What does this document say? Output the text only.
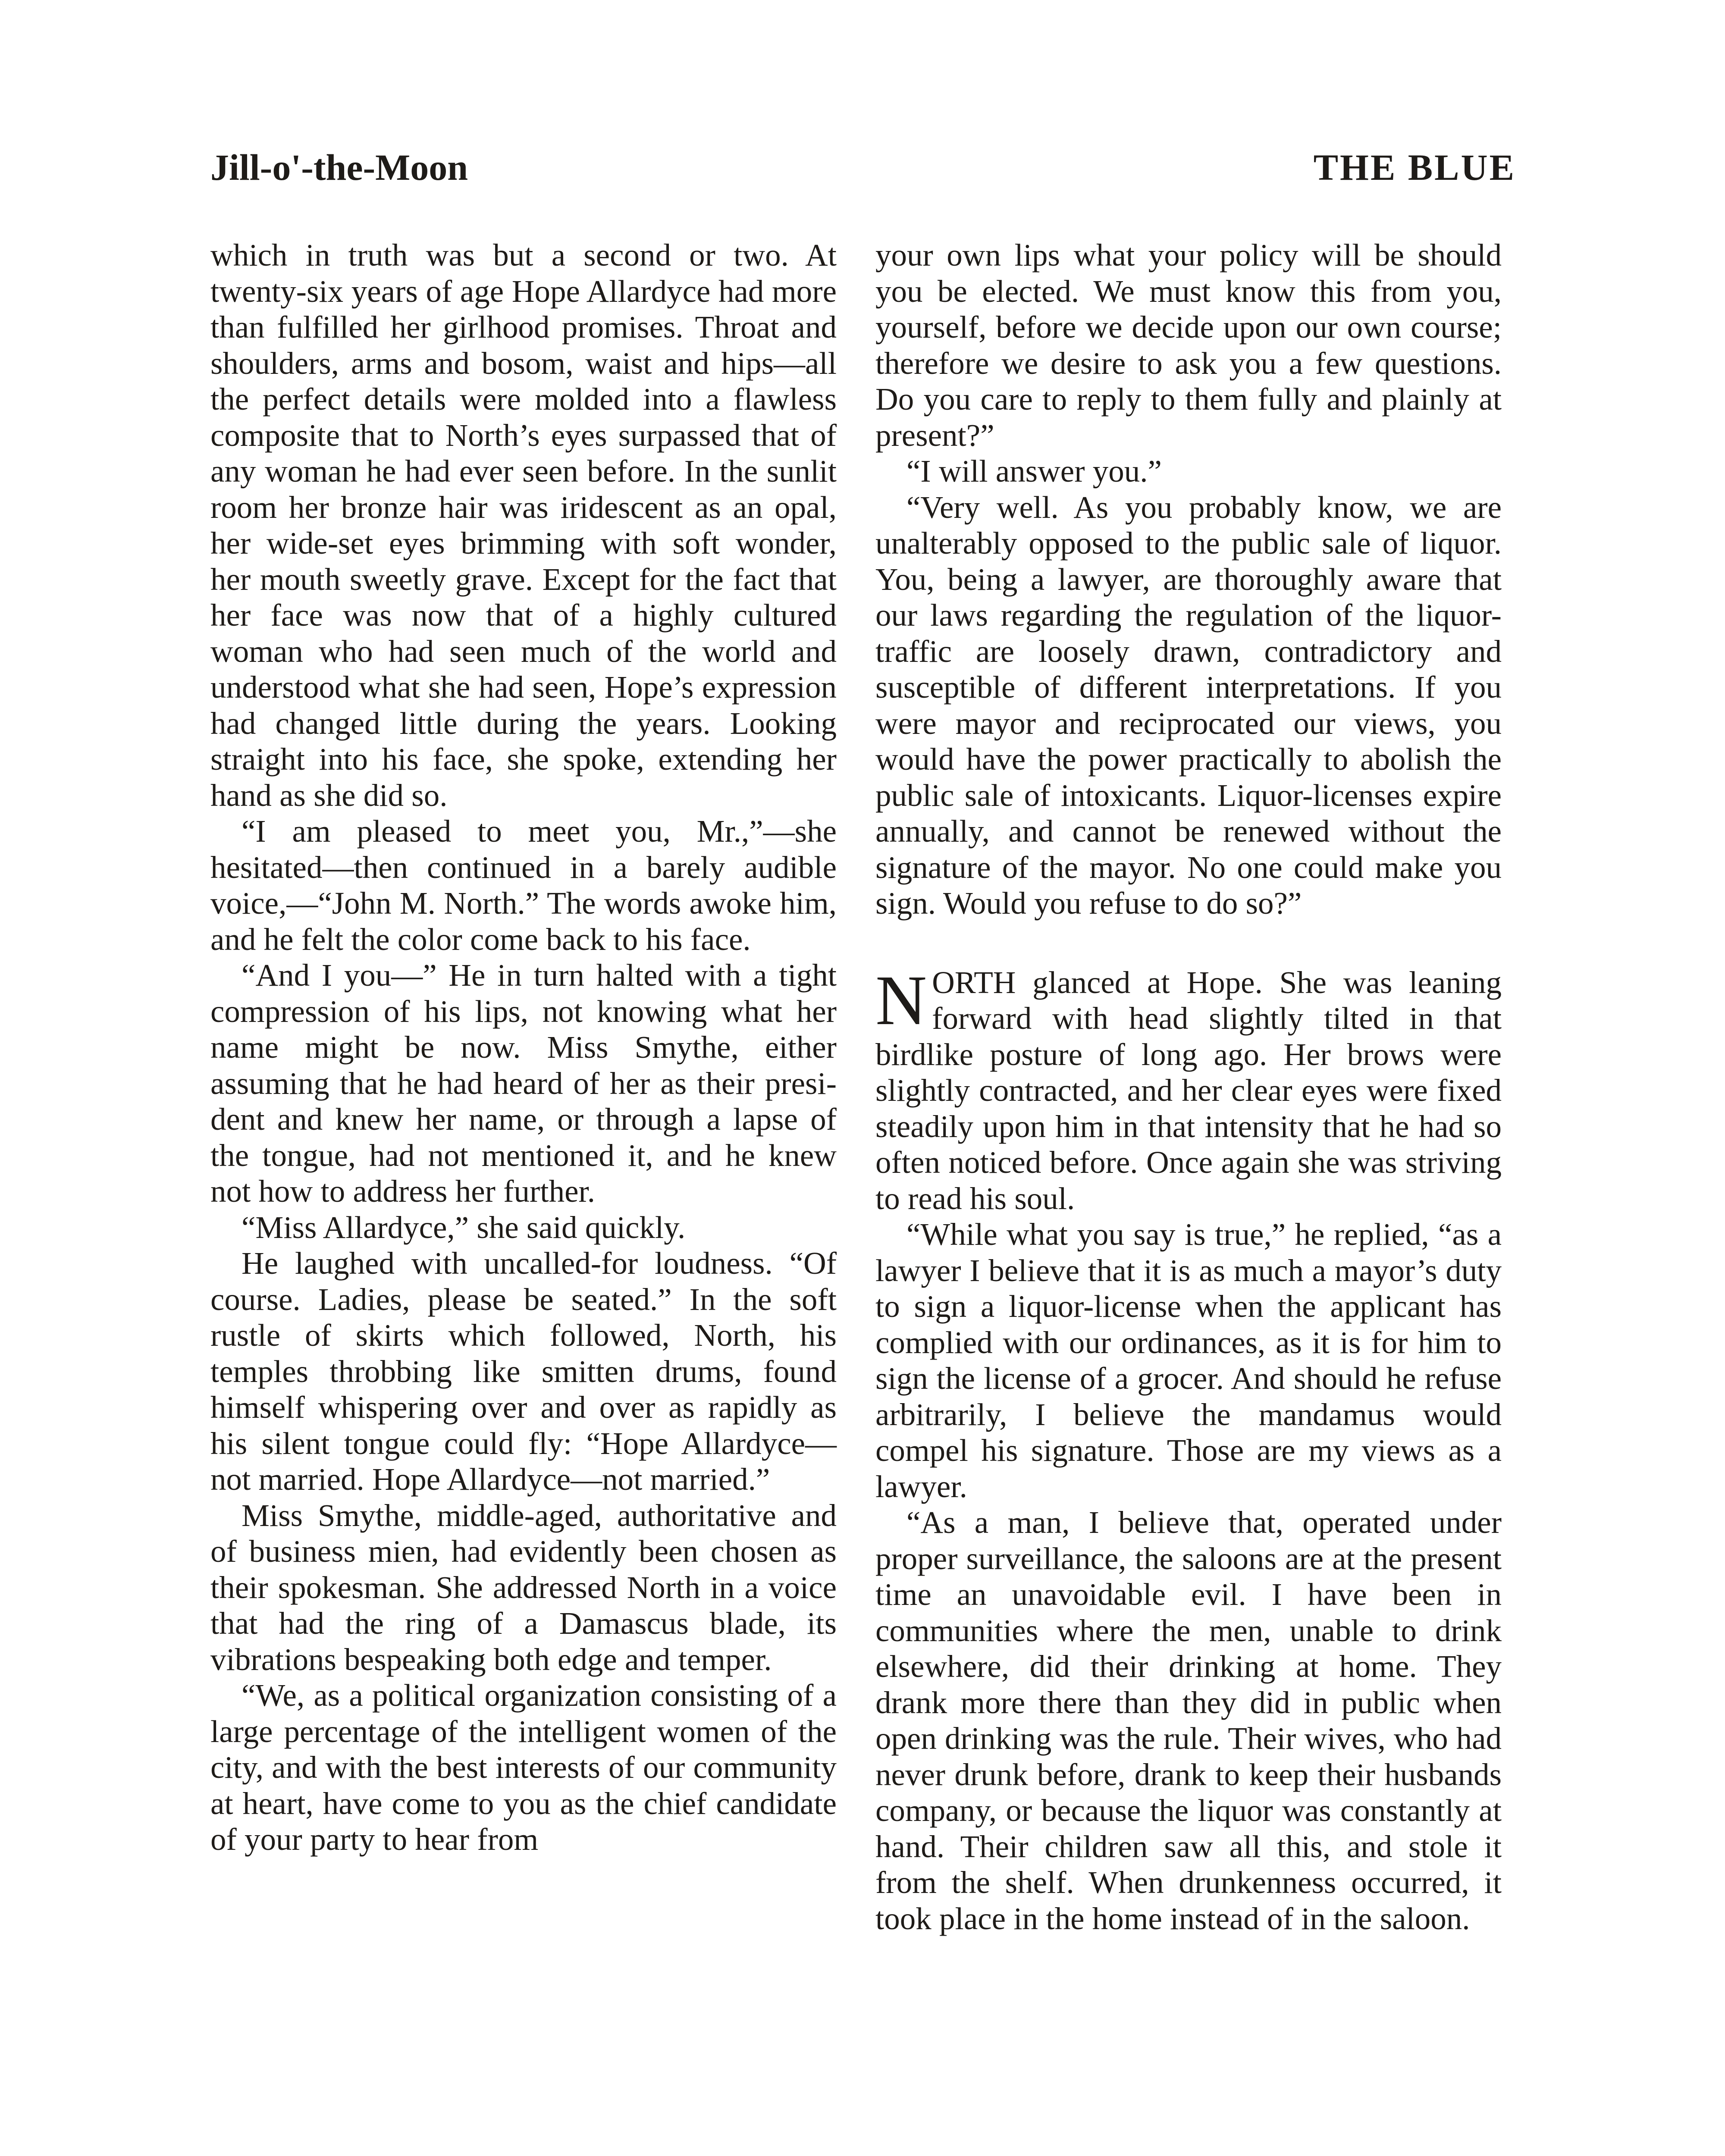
Jill-o'-the-Moon	THE BLUE

which in truth was but a second or two. At twenty-six years of age Hope Allardyce had more than fulfilled her girlhood promises. Throat and shoulders, arms and bosom, waist and hips—all the perfect details were molded into a flawless composite that to North’s eyes surpassed that of any woman he had ever seen before. In the sunlit room her bronze hair was iridescent as an opal, her wide-set eyes brimming with soft wonder, her mouth sweetly grave. Except for the fact that her face was now that of a highly cultured woman who had seen much of the world and understood what she had seen, Hope’s expression had changed little during the years. Looking straight into his face, she spoke, extending her hand as she did so.

“I am pleased to meet you, Mr.,”—she hesitated—then continued in a barely audible voice,—“John M. North.” The words awoke him, and he felt the color come back to his face.

“And I you—” He in turn halted with a tight compression of his lips, not knowing what her name might be now. Miss Smythe, either assuming that he had heard of her as their president and knew her name, or through a lapse of the tongue, had not mentioned it, and he knew not how to address her further.

“Miss Allardyce,” she said quickly.

He laughed with uncalled-for loudness. “Of course. Ladies, please be seated.” In the soft rustle of skirts which followed, North, his temples throbbing like smitten drums, found himself whispering over and over as rapidly as his silent tongue could fly: “Hope Allardyce—not married. Hope Allardyce—not married.”

Miss Smythe, middle-aged, authoritative and of business mien, had evidently been chosen as their spokesman. She addressed North in a voice that had the ring of a Damascus blade, its vibrations bespeaking both edge and temper.

“We, as a political organization consisting of a large percentage of the intelligent women of the city, and with the best interests of our community at heart, have come to you as the chief candidate of your party to hear from

your own lips what your policy will be should you be elected. We must know this from you, yourself, before we decide upon our own course; therefore we desire to ask you a few questions. Do you care to reply to them fully and plainly at present?”

“I will answer you.”

“Very well. As you probably know, we are unalterably opposed to the public sale of liquor. You, being a lawyer, are thoroughly aware that our laws regarding the regulation of the liquor-traffic are loosely drawn, contradictory and susceptible of different interpretations. If you were mayor and reciprocated our views, you would have the power practically to abolish the public sale of intoxicants. Liquor-licenses expire annually, and cannot be renewed without the signature of the mayor. No one could make you sign. Would you refuse to do so?”

NORTH glanced at Hope. She was leaning forward with head slightly tilted in that birdlike posture of long ago. Her brows were slightly contracted, and her clear eyes were fixed steadily upon him in that intensity that he had so often noticed before. Once again she was striving to read his soul.

“While what you say is true,” he replied, “as a lawyer I believe that it is as much a mayor’s duty to sign a liquor-license when the applicant has complied with our ordinances, as it is for him to sign the license of a grocer. And should he refuse arbitrarily, I believe the mandamus would compel his signature. Those are my views as a lawyer.

“As a man, I believe that, operated under proper surveillance, the saloons are at the present time an unavoidable evil. I have been in communities where the men, unable to drink elsewhere, did their drinking at home. They drank more there than they did in public when open drinking was the rule. Their wives, who had never drunk before, drank to keep their husbands company, or because the liquor was constantly at hand. Their children saw all this, and stole it from the shelf. When drunkenness occurred, it took place in the home instead of in the saloon.
